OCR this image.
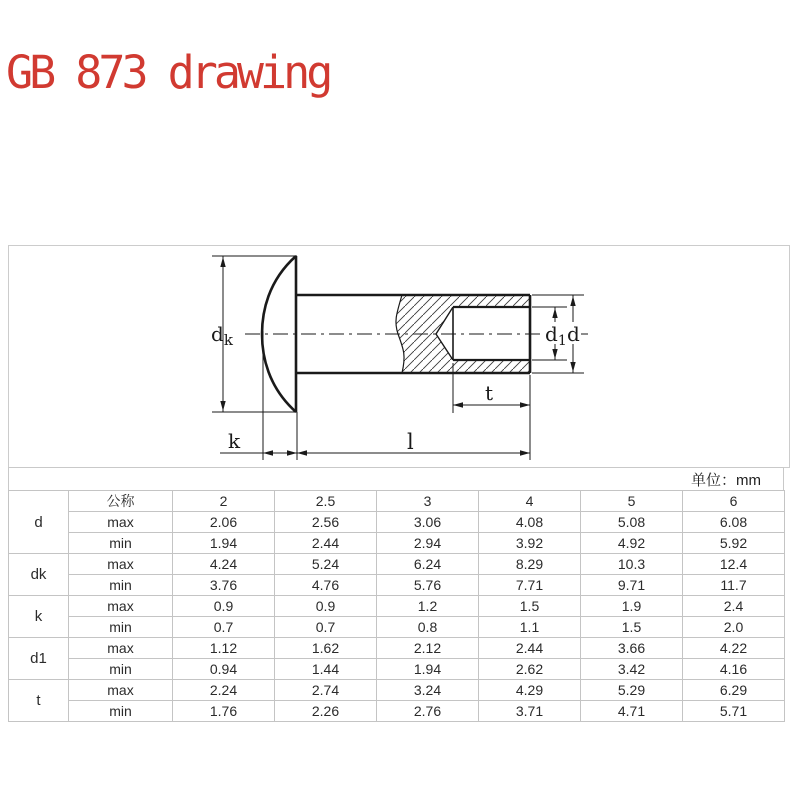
GB 873 drawing
$d_k$
k	l
t
$d_1$ d
单位：mm
d	公称	2	2.5	3	4	5	6
	max	2.06	2.56	3.06	4.08	5.08	6.08
	min	1.94	2.44	2.94	3.92	4.92	5.92
dk	max	4.24	5.24	6.24	8.29	10.3	12.4
	min	3.76	4.76	5.76	7.71	9.71	11.7
k	max	0.9	0.9	1.2	1.5	1.9	2.4
	min	0.7	0.7	0.8	1.1	1.5	2.0
d1	max	1.12	1.62	2.12	2.44	3.66	4.22
	min	0.94	1.44	1.94	2.62	3.42	4.16
t	max	2.24	2.74	3.24	4.29	5.29	6.29
	min	1.76	2.26	2.76	3.71	4.71	5.71
